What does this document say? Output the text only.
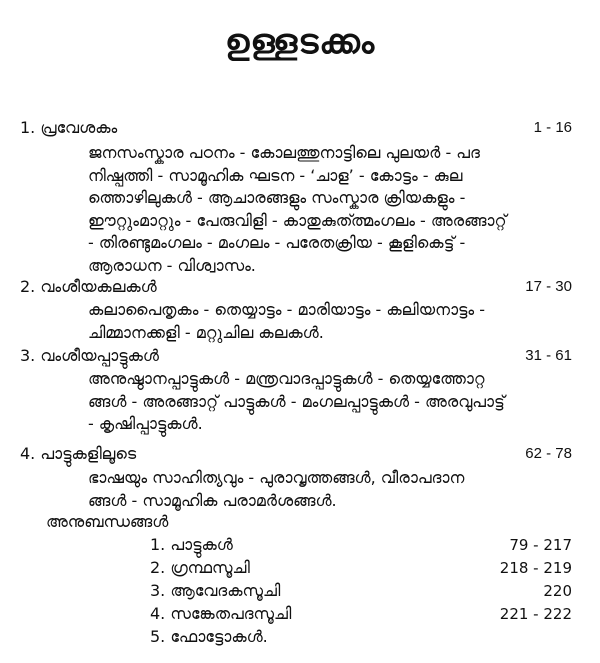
ഉള്ളടക്കം
1. പ്രവേശകം	1 - 16
ജനസംസ്കാര പഠനം - കോലത്തുനാട്ടിലെ പുലയർ - പദ
നിഷ്പത്തി - സാമൂഹിക ഘടന - ‘ചാള’ - കോട്ടം - കുല
ത്തൊഴിലുകൾ - ആചാരങ്ങളും സംസ്കാര ക്രിയകളും -
ഈറ്റുംമാറ്റും - പേരുവിളി - കാതുകുത്ത്മംഗലം - അരങ്ങാറ്റ്
- തിരണ്ടുമംഗലം - മംഗലം - പരേതക്രിയ - കൂളികെട്ട് -
ആരാധന - വിശ്വാസം.
2. വംശീയകലകൾ	17 - 30
കലാപൈതൃകം - തെയ്യാട്ടം - മാരിയാട്ടം - കലിയനാട്ടം -
ചിമ്മാനക്കളി - മറ്റുചില കലകൾ.
3. വംശീയപ്പാട്ടുകൾ	31 - 61
അനുഷ്ഠാനപ്പാട്ടുകൾ - മന്ത്രവാദപ്പാട്ടുകൾ - തെയ്യത്തോറ്റ
ങ്ങൾ - അരങ്ങാറ്റ് പാട്ടുകൾ - മംഗലപ്പാട്ടുകൾ - അരവുപാട്ട്
- കൃഷിപ്പാട്ടുകൾ.
4. പാട്ടുകളിലൂടെ	62 - 78
ഭാഷയും സാഹിത്യവും - പുരാവൃത്തങ്ങൾ, വീരാപദാന
ങ്ങൾ - സാമൂഹിക പരാമർശങ്ങൾ.
അനുബന്ധങ്ങൾ
1. പാട്ടുകൾ	79 - 217
2. ഗ്രന്ഥസൂചി	218 - 219
3. ആവേദകസൂചി	220
4. സങ്കേതപദസൂചി	221 - 222
5. ഫോട്ടോകൾ.
